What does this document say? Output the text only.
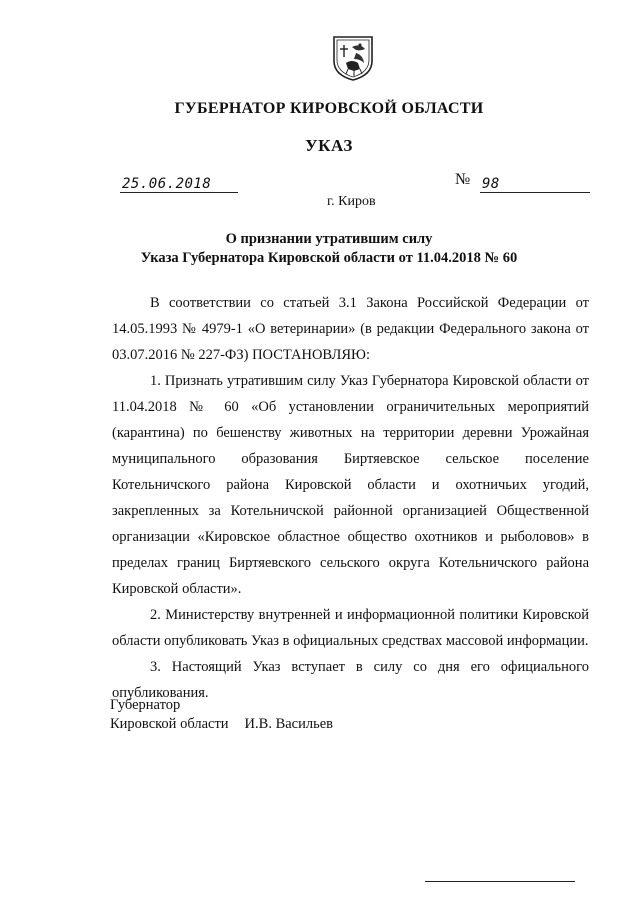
ГУБЕРНАТОР КИРОВСКОЙ ОБЛАСТИ
УКАЗ
25.06.2018	№ 98
г. Киров
О признании утратившим силу
Указа Губернатора Кировской области от 11.04.2018 № 60

В соответствии со статьей 3.1 Закона Российской Федерации от 14.05.1993 № 4979-1 «О ветеринарии» (в редакции Федерального закона от 03.07.2016 № 227-ФЗ) ПОСТАНОВЛЯЮ:

1. Признать утратившим силу Указ Губернатора Кировской области от 11.04.2018 № 60 «Об установлении ограничительных мероприятий (карантина) по бешенству животных на территории деревни Урожайная муниципального образования Биртяевское сельское поселение Котельничского района Кировской области и охотничьих угодий, закрепленных за Котельничской районной организацией Общественной организации «Кировское областное общество охотников и рыболовов» в пределах границ Биртяевского сельского округа Котельничского района Кировской области».

2. Министерству внутренней и информационной политики Кировской области опубликовать Указ в официальных средствах массовой информации.

3. Настоящий Указ вступает в силу со дня его официального опубликования.

Губернатор
Кировской области И.В. Васильев
